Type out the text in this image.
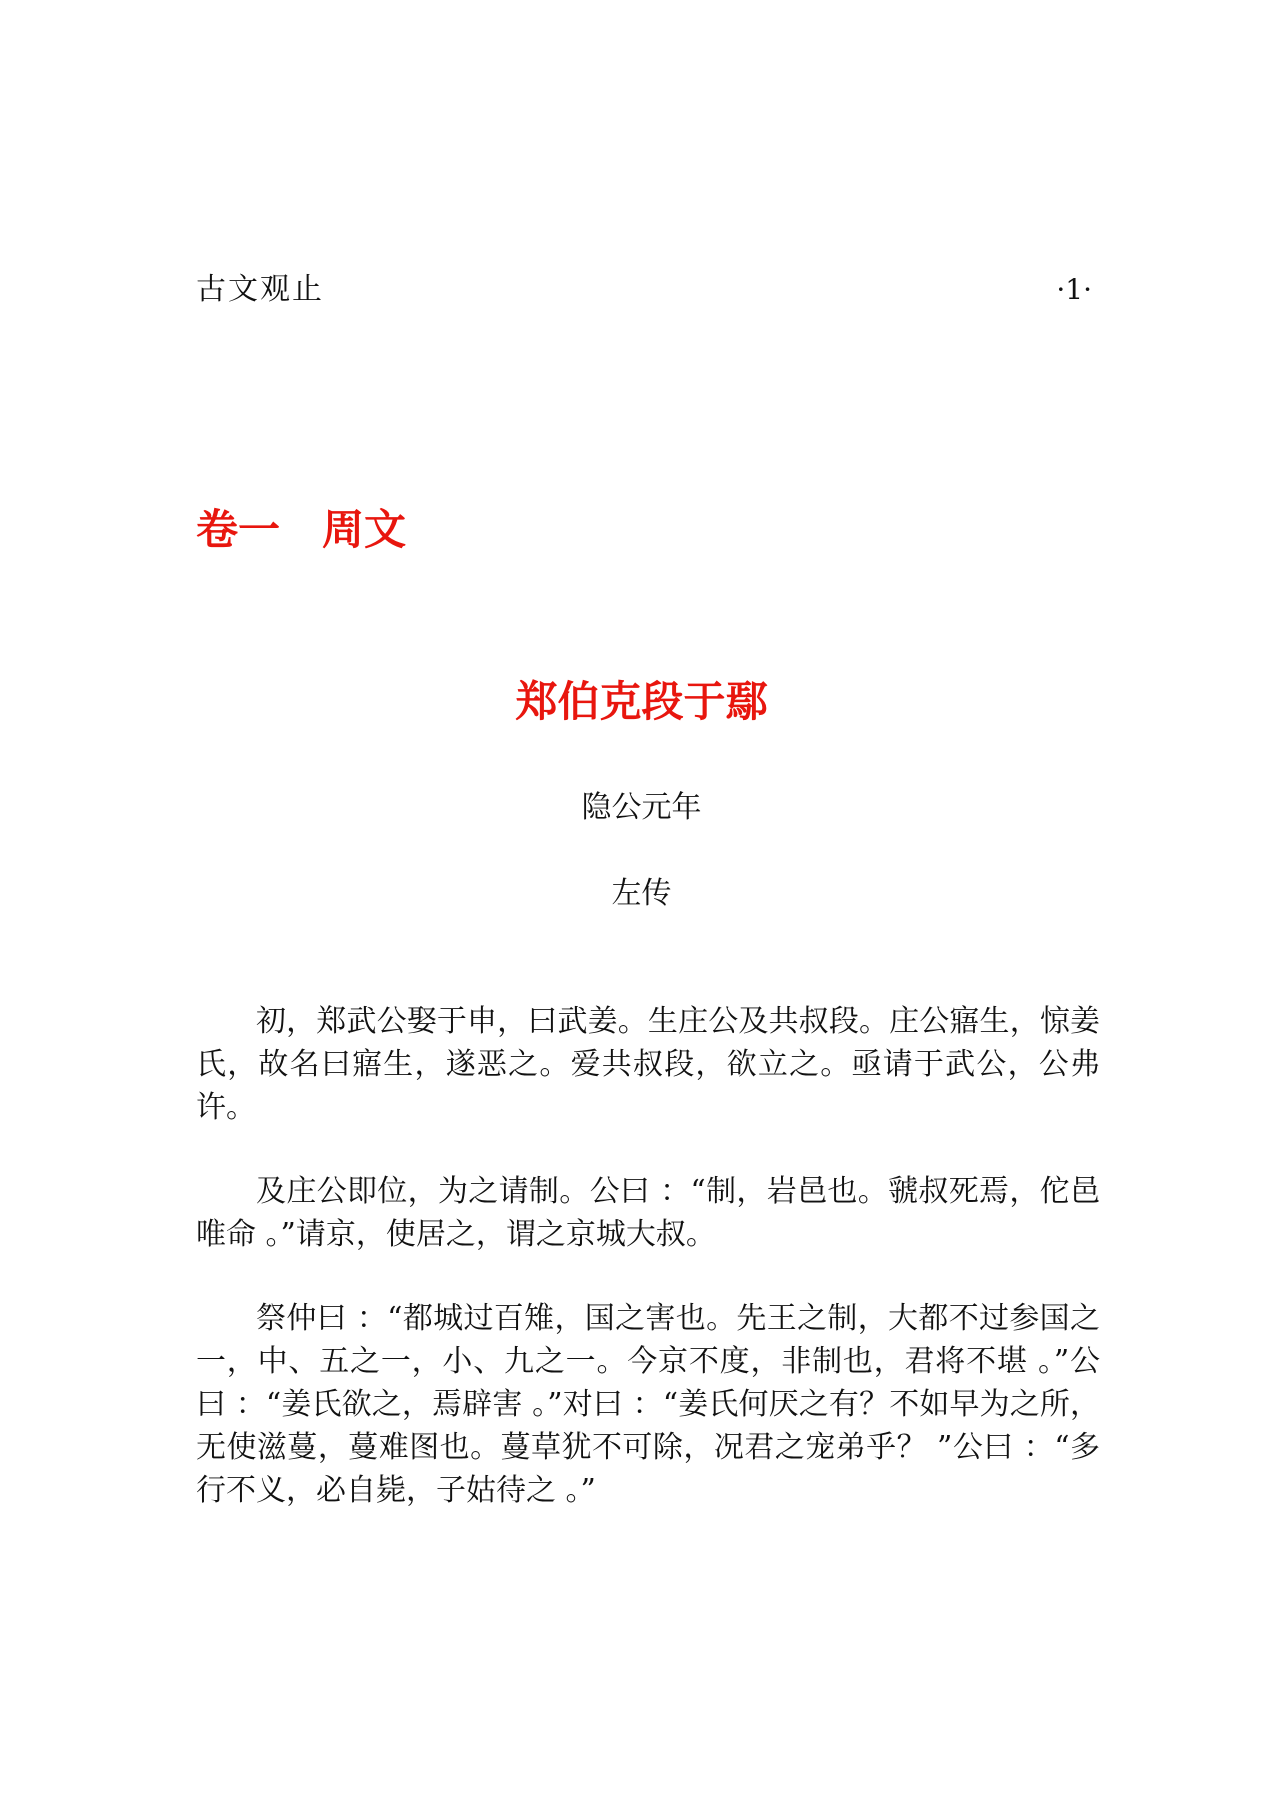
古文观止	·1·
卷一　周文
郑伯克段于鄢
隐公元年
左传

初，郑武公娶于申，曰武姜。生庄公及共叔段。庄公寤生，惊姜氏，故名曰寤生，遂恶之。爱共叔段，欲立之。亟请于武公，公弗许。

及庄公即位，为之请制。公曰 ：“制，岩邑也。虢叔死焉，佗邑唯命 。”请京，使居之，谓之京城大叔。

祭仲曰 ：“都城过百雉，国之害也。先王之制，大都不过参国之一，中、五之一，小、九之一。今京不度，非制也，君将不堪 。”公曰 ：“姜氏欲之，焉辟害 。”对曰 ：“姜氏何厌之有？不如早为之所，无使滋蔓，蔓难图也。蔓草犹不可除，况君之宠弟乎？ ”公曰 ：“多行不义，必自毙，子姑待之 。”
